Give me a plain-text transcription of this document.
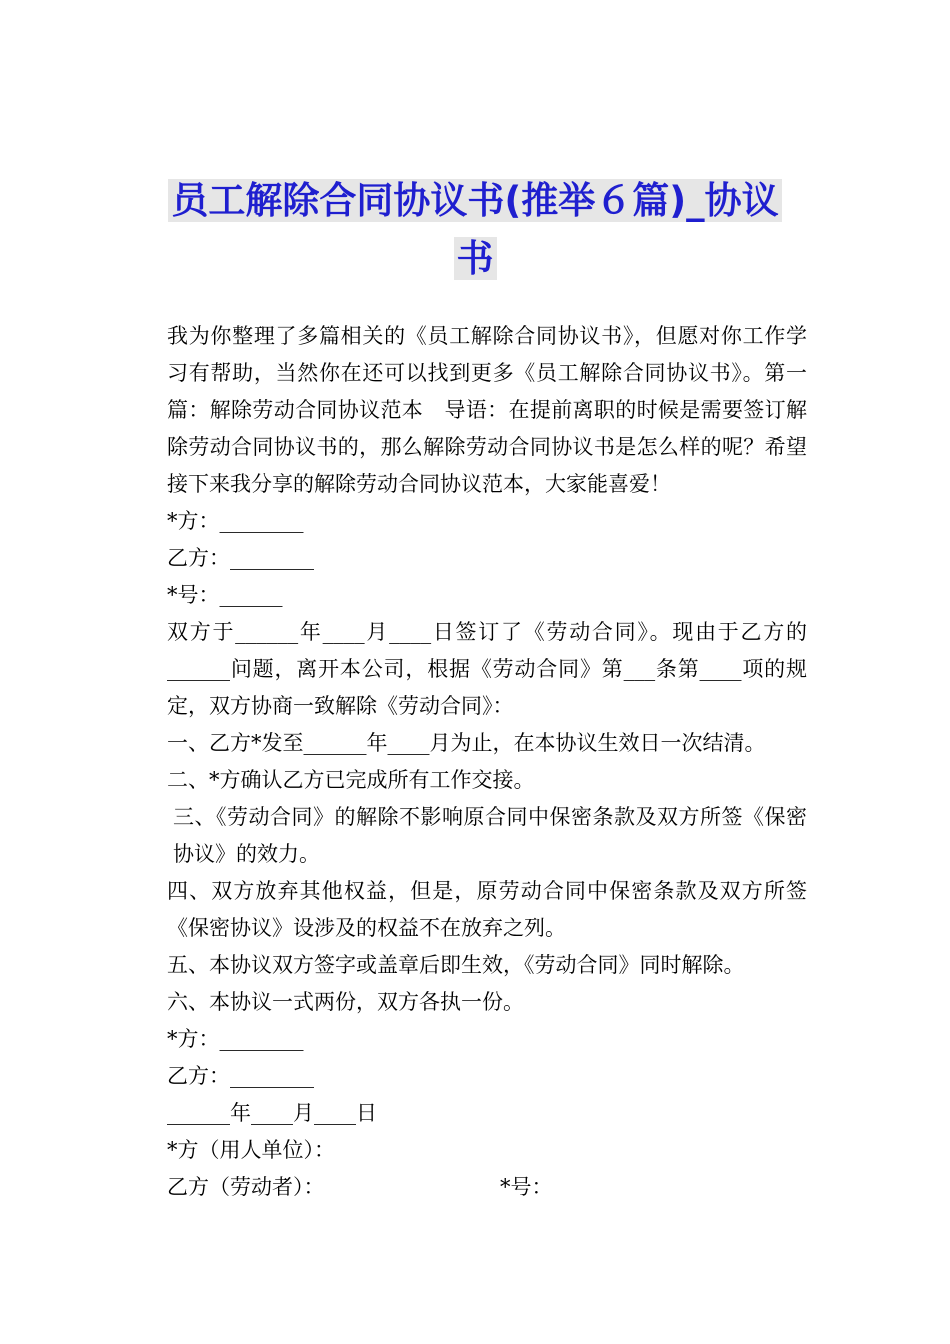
员工解除合同协议书(推举６篇)_协议
书

我为你整理了多篇相关的《员工解除合同协议书》，但愿对你工作学习有帮助，当然你在还可以找到更多《员工解除合同协议书》。第一篇：解除劳动合同协议范本　导语：在提前离职的时候是需要签订解除劳动合同协议书的，那么解除劳动合同协议书是怎么样的呢？希望接下来我分享的解除劳动合同协议范本，大家能喜爱！

*方：________

乙方：________

*号：______

双方于______年____月____日签订了《劳动合同》。现由于乙方的______问题，离开本公司，根据《劳动合同》第___条第____项的规定，双方协商一致解除《劳动合同》：

一、乙方*发至______年____月为止，在本协议生效日一次结清。

二、*方确认乙方已完成所有工作交接。

三、《劳动合同》的解除不影响原合同中保密条款及双方所签《保密协议》的效力。

四、双方放弃其他权益，但是，原劳动合同中保密条款及双方所签《保密协议》设涉及的权益不在放弃之列。

五、本协议双方签字或盖章后即生效，《劳动合同》同时解除。

六、本协议一式两份，双方各执一份。

*方：________

乙方：________

______年____月____日

*方（用人单位）：

乙方（劳动者）：	*号：
